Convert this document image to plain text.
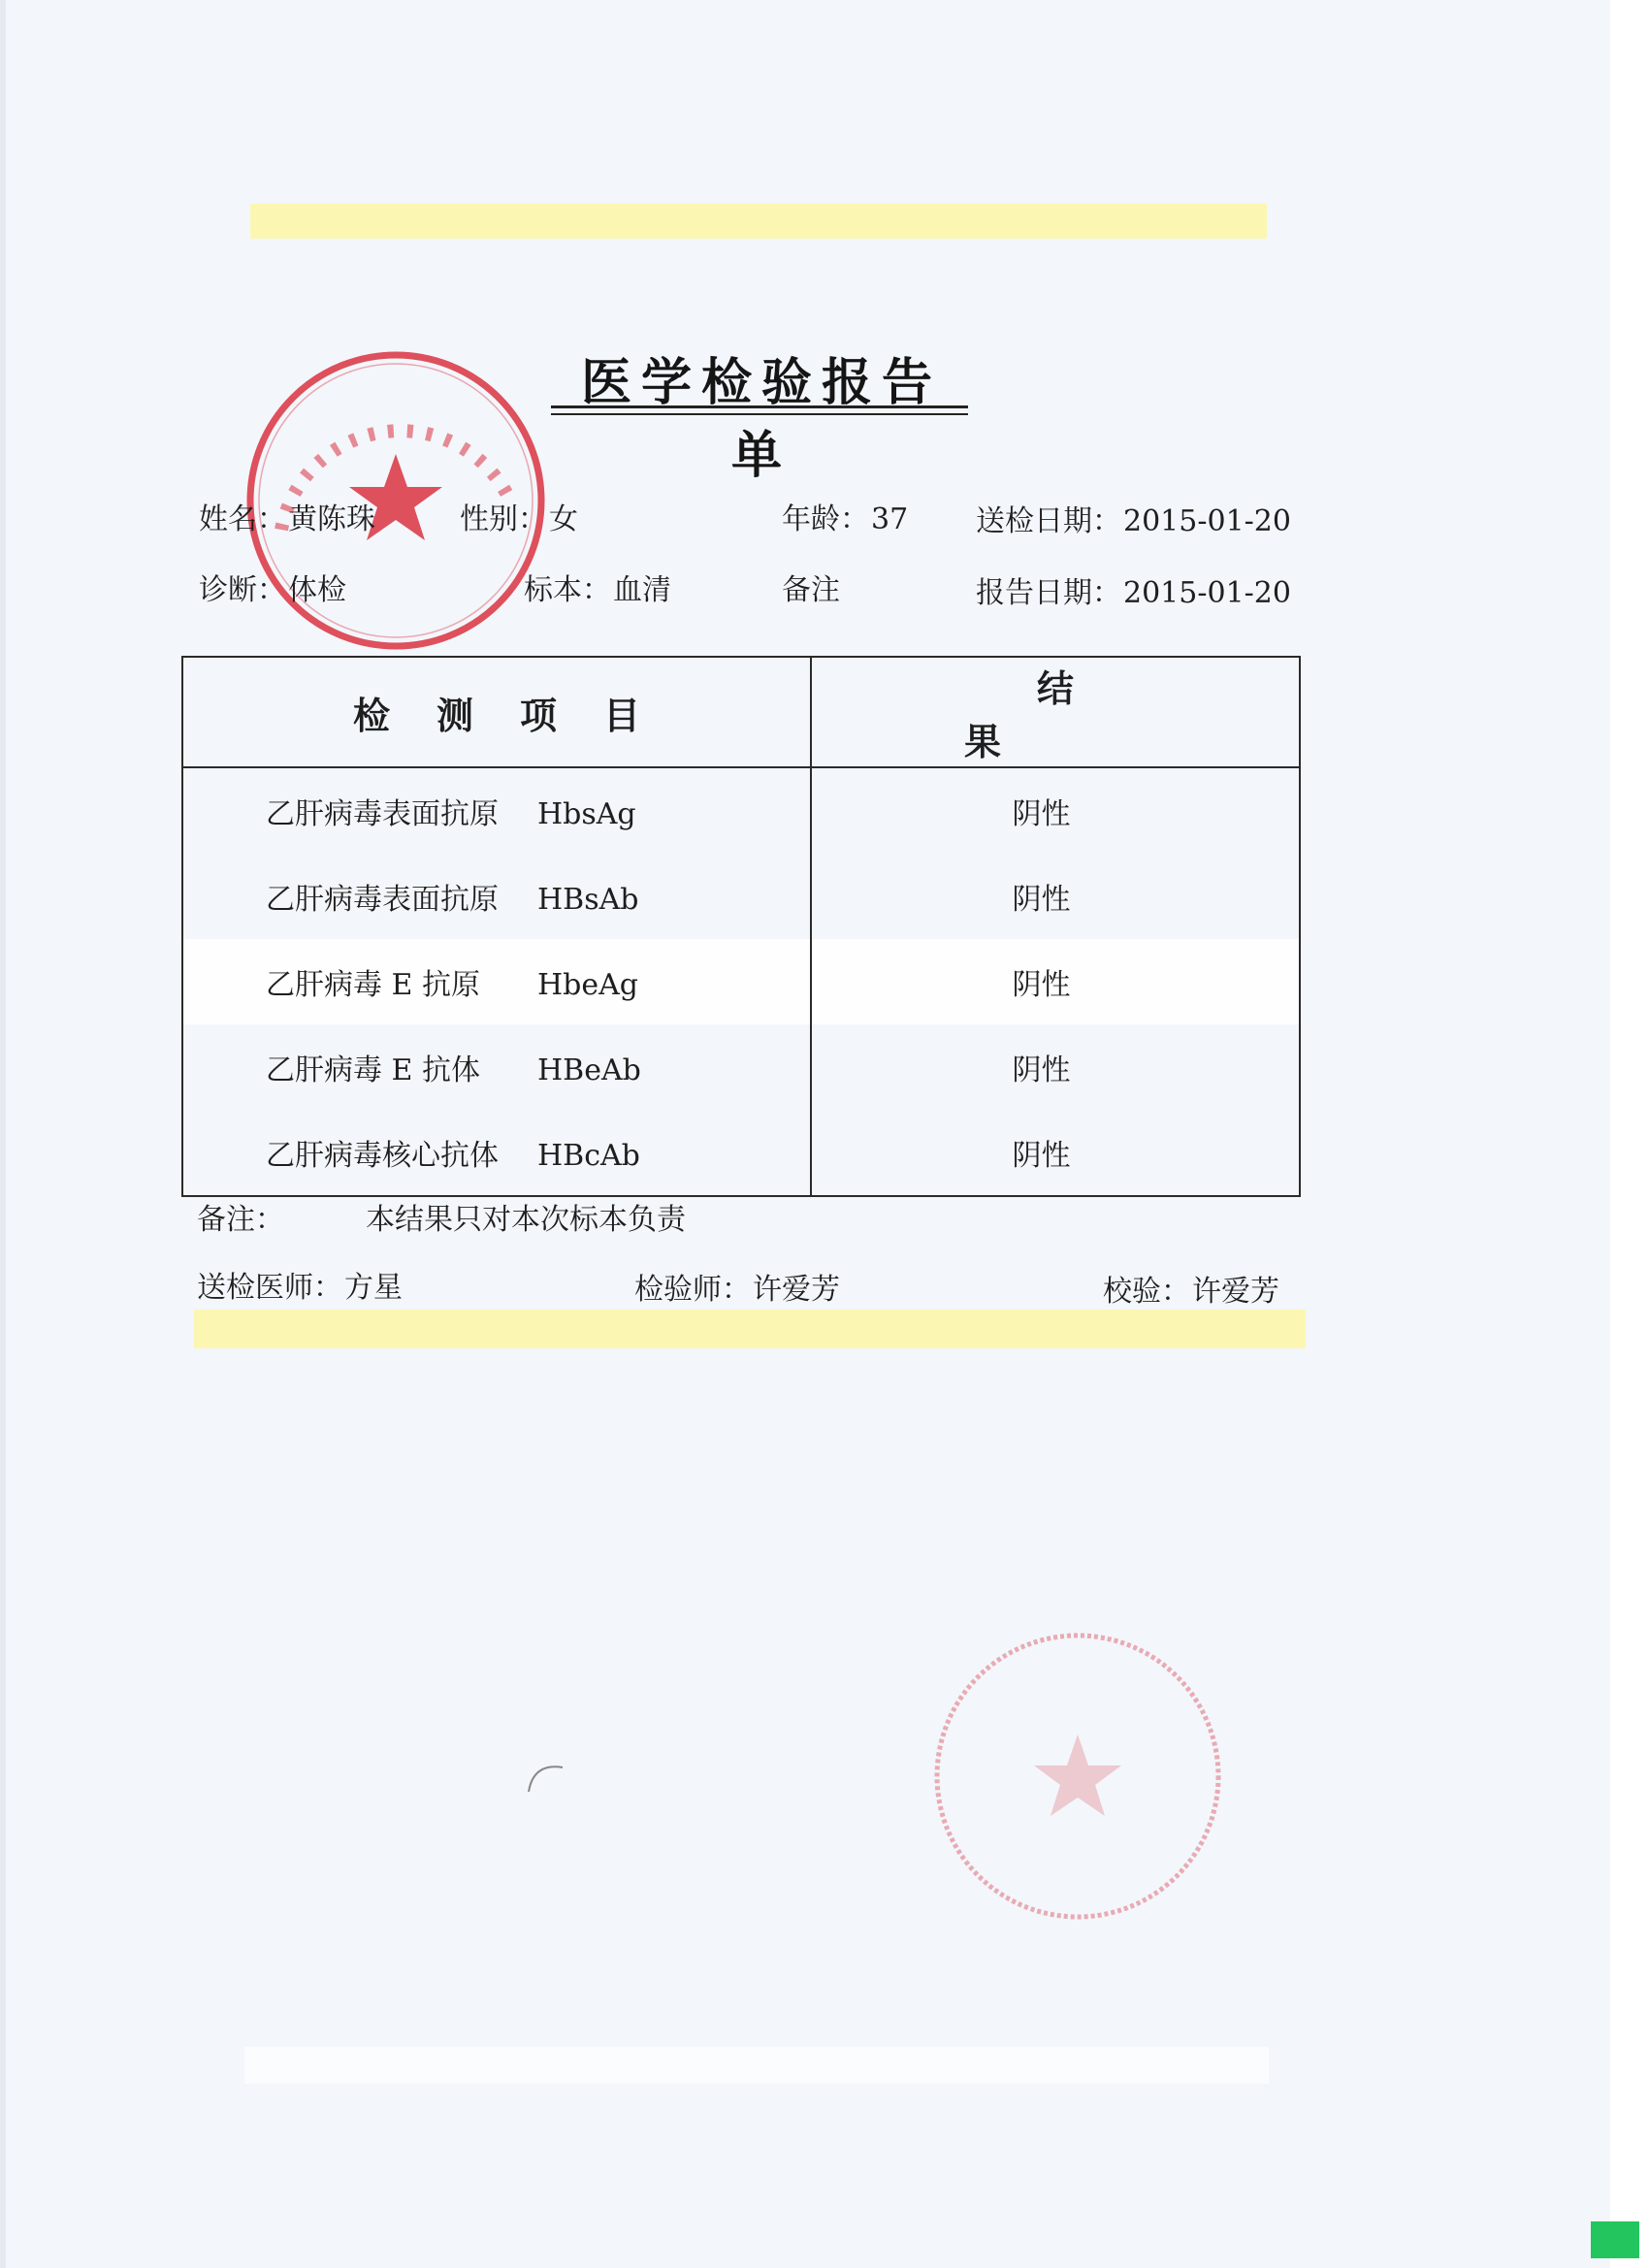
医学检验报告单
姓名：黄陈珠	性别：女	年龄：37 送检日期：2015-01-20
诊断：体检	标本：血清	备注	报告日期：2015-01-20
检测项目	结果
乙肝病毒表面抗原 HbsAg	阴性
乙肝病毒表面抗原 HBsAb	阴性
乙肝病毒 E 抗原 HbeAg	阴性
乙肝病毒 E 抗体 HBeAb	阴性
乙肝病毒核心抗体 HBcAb	阴性
备注：	本结果只对本次标本负责
送检医师：方星	检验师：许爱芳	校验：许爱芳
